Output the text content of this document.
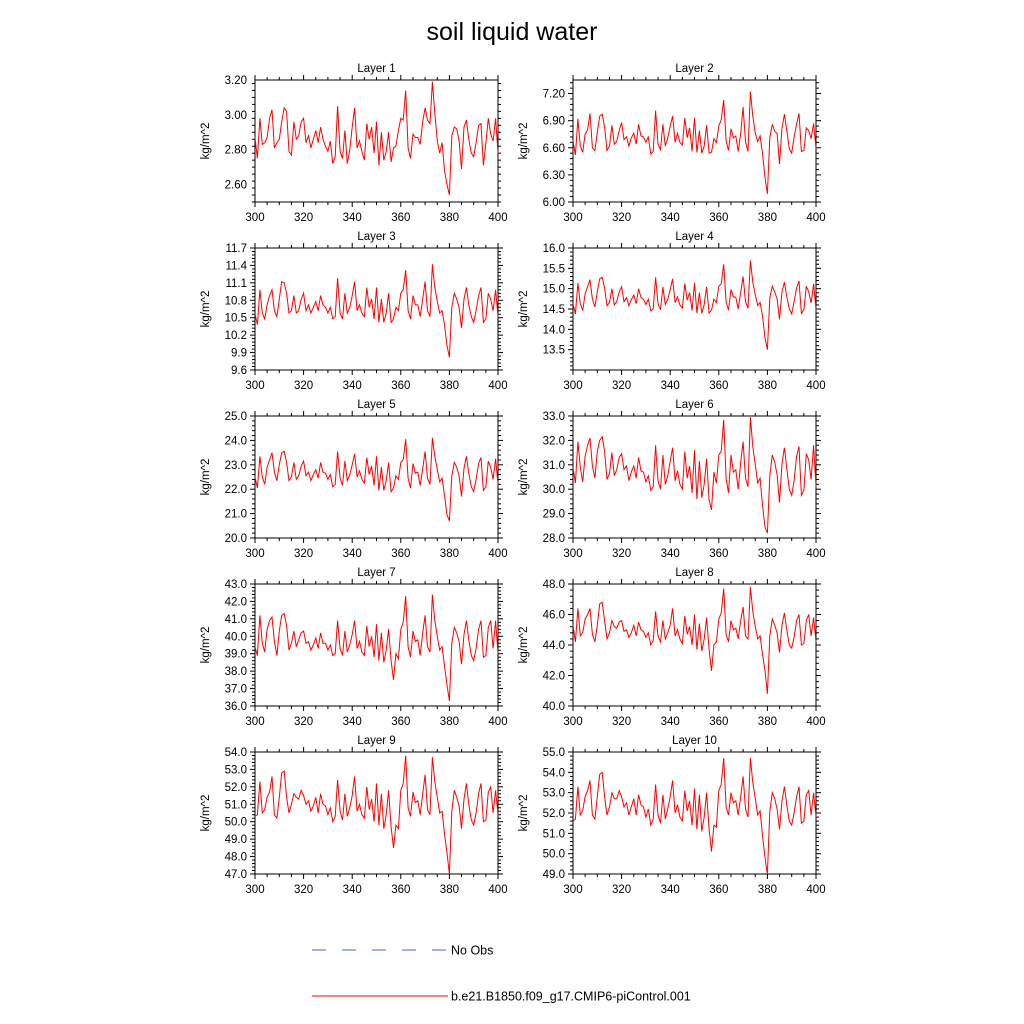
soil liquid water
Layer 1
kg/m^2
300	320	340	360	380	400
2.60
2.80
3.00
3.20
Layer 2
kg/m^2
300	320	340	360	380	400
6.00
6.30
6.60
6.90
7.20
Layer 3
kg/m^2
300	320	340	360	380	400
9.6
9.9
10.2
10.5
10.8
11.1
11.4
11.7
Layer 4
kg/m^2
300	320	340	360	380	400
13.5
14.0
14.5
15.0
15.5
16.0
Layer 5
kg/m^2
300	320	340	360	380	400
20.0
21.0
22.0
23.0
24.0
25.0
Layer 6
kg/m^2
300	320	340	360	380	400
28.0
29.0
30.0
31.0
32.0
33.0
Layer 7
kg/m^2
300	320	340	360	380	400
36.0
37.0
38.0
39.0
40.0
41.0
42.0
43.0
Layer 8
kg/m^2
300	320	340	360	380	400
40.0
42.0
44.0
46.0
48.0
Layer 9
kg/m^2
300	320	340	360	380	400
47.0
48.0
49.0
50.0
51.0
52.0
53.0
54.0
Layer 10
kg/m^2
300	320	340	360	380	400
49.0
50.0
51.0
52.0
53.0
54.0
55.0
No Obs
b.e21.B1850.f09_g17.CMIP6-piControl.001
